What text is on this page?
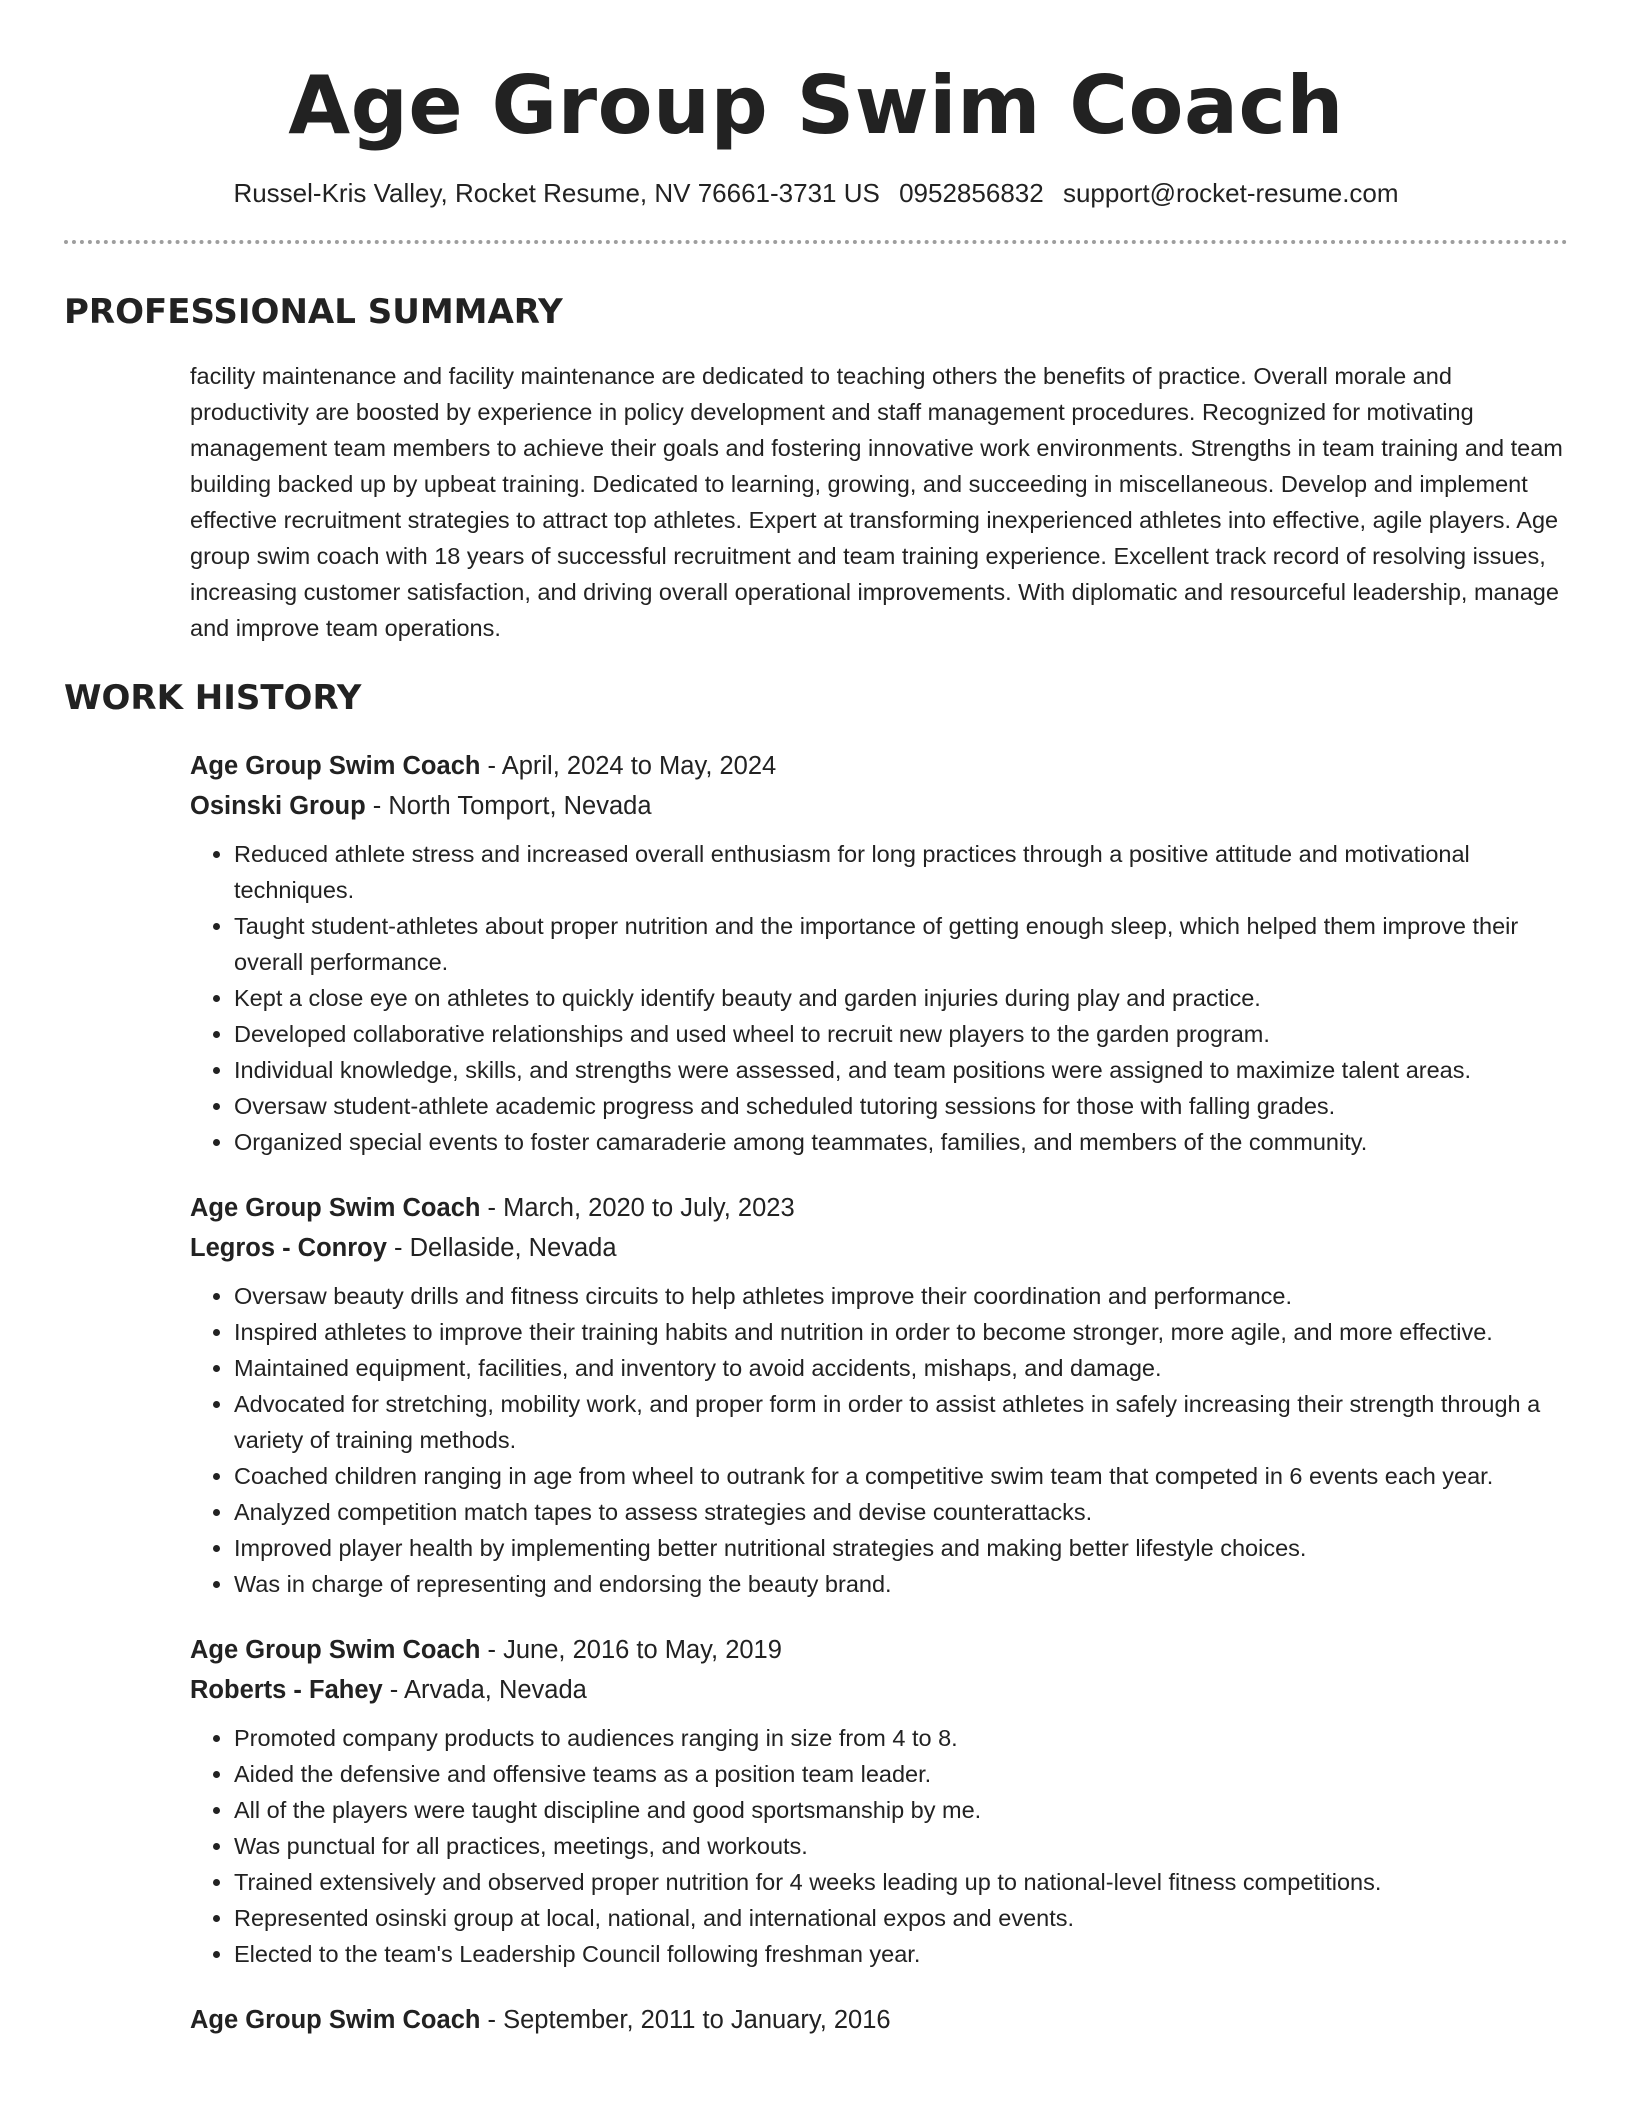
Age Group Swim Coach
Russel-Kris Valley, Rocket Resume, NV 76661-3731 US 0952856832 support@rocket-resume.com
PROFESSIONAL SUMMARY
facility maintenance and facility maintenance are dedicated to teaching others the benefits of practice. Overall morale and productivity are boosted by experience in policy development and staff management procedures. Recognized for motivating management team members to achieve their goals and fostering innovative work environments. Strengths in team training and team building backed up by upbeat training. Dedicated to learning, growing, and succeeding in miscellaneous. Develop and implement effective recruitment strategies to attract top athletes. Expert at transforming inexperienced athletes into effective, agile players. Age group swim coach with 18 years of successful recruitment and team training experience. Excellent track record of resolving issues, increasing customer satisfaction, and driving overall operational improvements. With diplomatic and resourceful leadership, manage and improve team operations.
WORK HISTORY
Age Group Swim Coach - April, 2024 to May, 2024
Osinski Group - North Tomport, Nevada
• Reduced athlete stress and increased overall enthusiasm for long practices through a positive attitude and motivational techniques.
• Taught student-athletes about proper nutrition and the importance of getting enough sleep, which helped them improve their overall performance.
• Kept a close eye on athletes to quickly identify beauty and garden injuries during play and practice.
• Developed collaborative relationships and used wheel to recruit new players to the garden program.
• Individual knowledge, skills, and strengths were assessed, and team positions were assigned to maximize talent areas.
• Oversaw student-athlete academic progress and scheduled tutoring sessions for those with falling grades.
• Organized special events to foster camaraderie among teammates, families, and members of the community.
Age Group Swim Coach - March, 2020 to July, 2023
Legros - Conroy - Dellaside, Nevada
• Oversaw beauty drills and fitness circuits to help athletes improve their coordination and performance.
• Inspired athletes to improve their training habits and nutrition in order to become stronger, more agile, and more effective.
• Maintained equipment, facilities, and inventory to avoid accidents, mishaps, and damage.
• Advocated for stretching, mobility work, and proper form in order to assist athletes in safely increasing their strength through a variety of training methods.
• Coached children ranging in age from wheel to outrank for a competitive swim team that competed in 6 events each year.
• Analyzed competition match tapes to assess strategies and devise counterattacks.
• Improved player health by implementing better nutritional strategies and making better lifestyle choices.
• Was in charge of representing and endorsing the beauty brand.
Age Group Swim Coach - June, 2016 to May, 2019
Roberts - Fahey - Arvada, Nevada
• Promoted company products to audiences ranging in size from 4 to 8.
• Aided the defensive and offensive teams as a position team leader.
• All of the players were taught discipline and good sportsmanship by me.
• Was punctual for all practices, meetings, and workouts.
• Trained extensively and observed proper nutrition for 4 weeks leading up to national-level fitness competitions.
• Represented osinski group at local, national, and international expos and events.
• Elected to the team's Leadership Council following freshman year.
Age Group Swim Coach - September, 2011 to January, 2016
